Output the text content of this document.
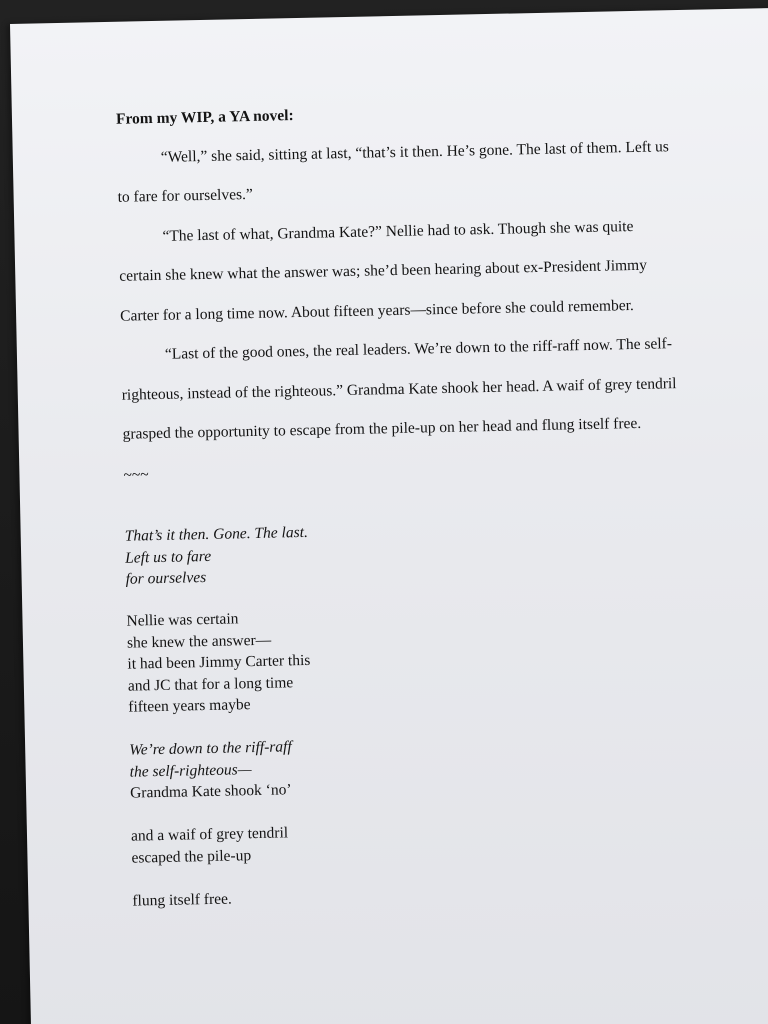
From my WIP, a YA novel:
“Well,” she said, sitting at last, “that’s it then. He’s gone. The last of them. Left us
to fare for ourselves.”
“The last of what, Grandma Kate?” Nellie had to ask. Though she was quite
certain she knew what the answer was; she’d been hearing about ex-President Jimmy
Carter for a long time now. About fifteen years—since before she could remember.
“Last of the good ones, the real leaders. We’re down to the riff-raff now. The self-
righteous, instead of the righteous.” Grandma Kate shook her head. A waif of grey tendril
grasped the opportunity to escape from the pile-up on her head and flung itself free.
~~~
That’s it then. Gone. The last.
Left us to fare
for ourselves
Nellie was certain
she knew the answer—
it had been Jimmy Carter this
and JC that for a long time
fifteen years maybe
We’re down to the riff-raff
the self-righteous—
Grandma Kate shook ‘no’
and a waif of grey tendril
escaped the pile-up
flung itself free.
